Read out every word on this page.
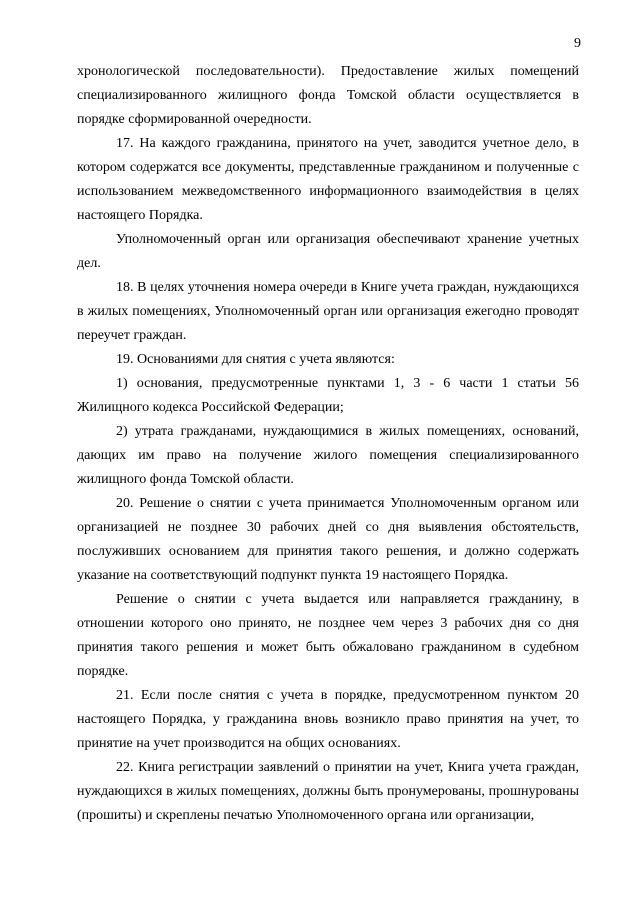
9

хронологической последовательности). Предоставление жилых помещений специализированного жилищного фонда Томской области осуществляется в порядке сформированной очередности.

17. На каждого гражданина, принятого на учет, заводится учетное дело, в котором содержатся все документы, представленные гражданином и полученные с использованием межведомственного информационного взаимодействия в целях настоящего Порядка.

Уполномоченный орган или организация обеспечивают хранение учетных дел.

18. В целях уточнения номера очереди в Книге учета граждан, нуждающихся в жилых помещениях, Уполномоченный орган или организация ежегодно проводят переучет граждан.

19. Основаниями для снятия с учета являются:

1) основания, предусмотренные пунктами 1, 3 - 6 части 1 статьи 56 Жилищного кодекса Российской Федерации;

2) утрата гражданами, нуждающимися в жилых помещениях, оснований, дающих им право на получение жилого помещения специализированного жилищного фонда Томской области.

20. Решение о снятии с учета принимается Уполномоченным органом или организацией не позднее 30 рабочих дней со дня выявления обстоятельств, послуживших основанием для принятия такого решения, и должно содержать указание на соответствующий подпункт пункта 19 настоящего Порядка.

Решение о снятии с учета выдается или направляется гражданину, в отношении которого оно принято, не позднее чем через 3 рабочих дня со дня принятия такого решения и может быть обжаловано гражданином в судебном порядке.

21. Если после снятия с учета в порядке, предусмотренном пунктом 20 настоящего Порядка, у гражданина вновь возникло право принятия на учет, то принятие на учет производится на общих основаниях.

22. Книга регистрации заявлений о принятии на учет, Книга учета граждан, нуждающихся в жилых помещениях, должны быть пронумерованы, прошнурованы (прошиты) и скреплены печатью Уполномоченного органа или организации,
